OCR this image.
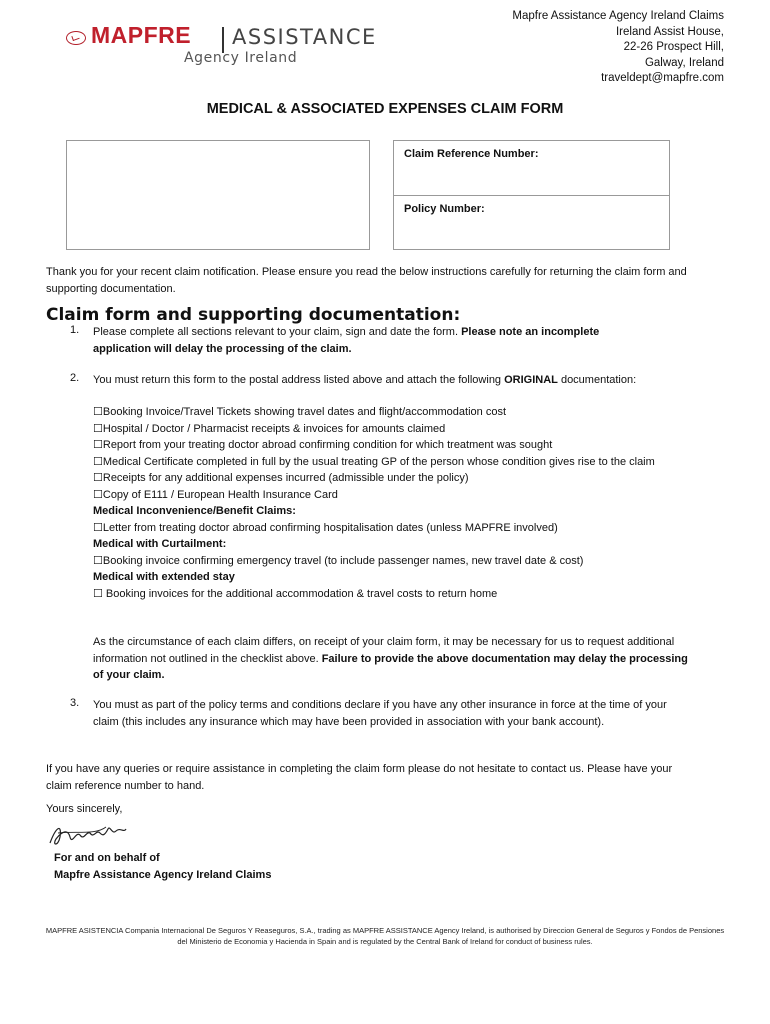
MAPFRE ASSISTANCE
Agency Ireland
Mapfre Assistance Agency Ireland Claims
Ireland Assist House,
22-26 Prospect Hill,
Galway, Ireland
traveldept@mapfre.com
MEDICAL & ASSOCIATED EXPENSES CLAIM FORM
Claim Reference Number:
Policy Number:
Thank you for your recent claim notification. Please ensure you read the below instructions carefully for returning the claim form and supporting documentation.
Claim form and supporting documentation:
1. Please complete all sections relevant to your claim, sign and date the form. Please note an incomplete application will delay the processing of the claim.
2. You must return this form to the postal address listed above and attach the following ORIGINAL documentation:
☐Booking Invoice/Travel Tickets showing travel dates and flight/accommodation cost
☐Hospital / Doctor / Pharmacist receipts & invoices for amounts claimed
☐Report from your treating doctor abroad confirming condition for which treatment was sought
☐Medical Certificate completed in full by the usual treating GP of the person whose condition gives rise to the claim
☐Receipts for any additional expenses incurred (admissible under the policy)
☐Copy of E111 / European Health Insurance Card
Medical Inconvenience/Benefit Claims:
☐Letter from treating doctor abroad confirming hospitalisation dates (unless MAPFRE involved)
Medical with Curtailment:
☐Booking invoice confirming emergency travel (to include passenger names, new travel date & cost)
Medical with extended stay
☐ Booking invoices for the additional accommodation & travel costs to return home
As the circumstance of each claim differs, on receipt of your claim form, it may be necessary for us to request additional information not outlined in the checklist above. Failure to provide the above documentation may delay the processing of your claim.
3. You must as part of the policy terms and conditions declare if you have any other insurance in force at the time of your claim (this includes any insurance which may have been provided in association with your bank account).
If you have any queries or require assistance in completing the claim form please do not hesitate to contact us. Please have your claim reference number to hand.
Yours sincerely,
For and on behalf of
Mapfre Assistance Agency Ireland Claims
MAPFRE ASISTENCIA Compania Internacional De Seguros Y Reaseguros, S.A., trading as MAPFRE ASSISTANCE Agency Ireland, is authorised by Direccion General de Seguros y Fondos de Pensiones del Ministerio de Economia y Hacienda in Spain and is regulated by the Central Bank of Ireland for conduct of business rules.
